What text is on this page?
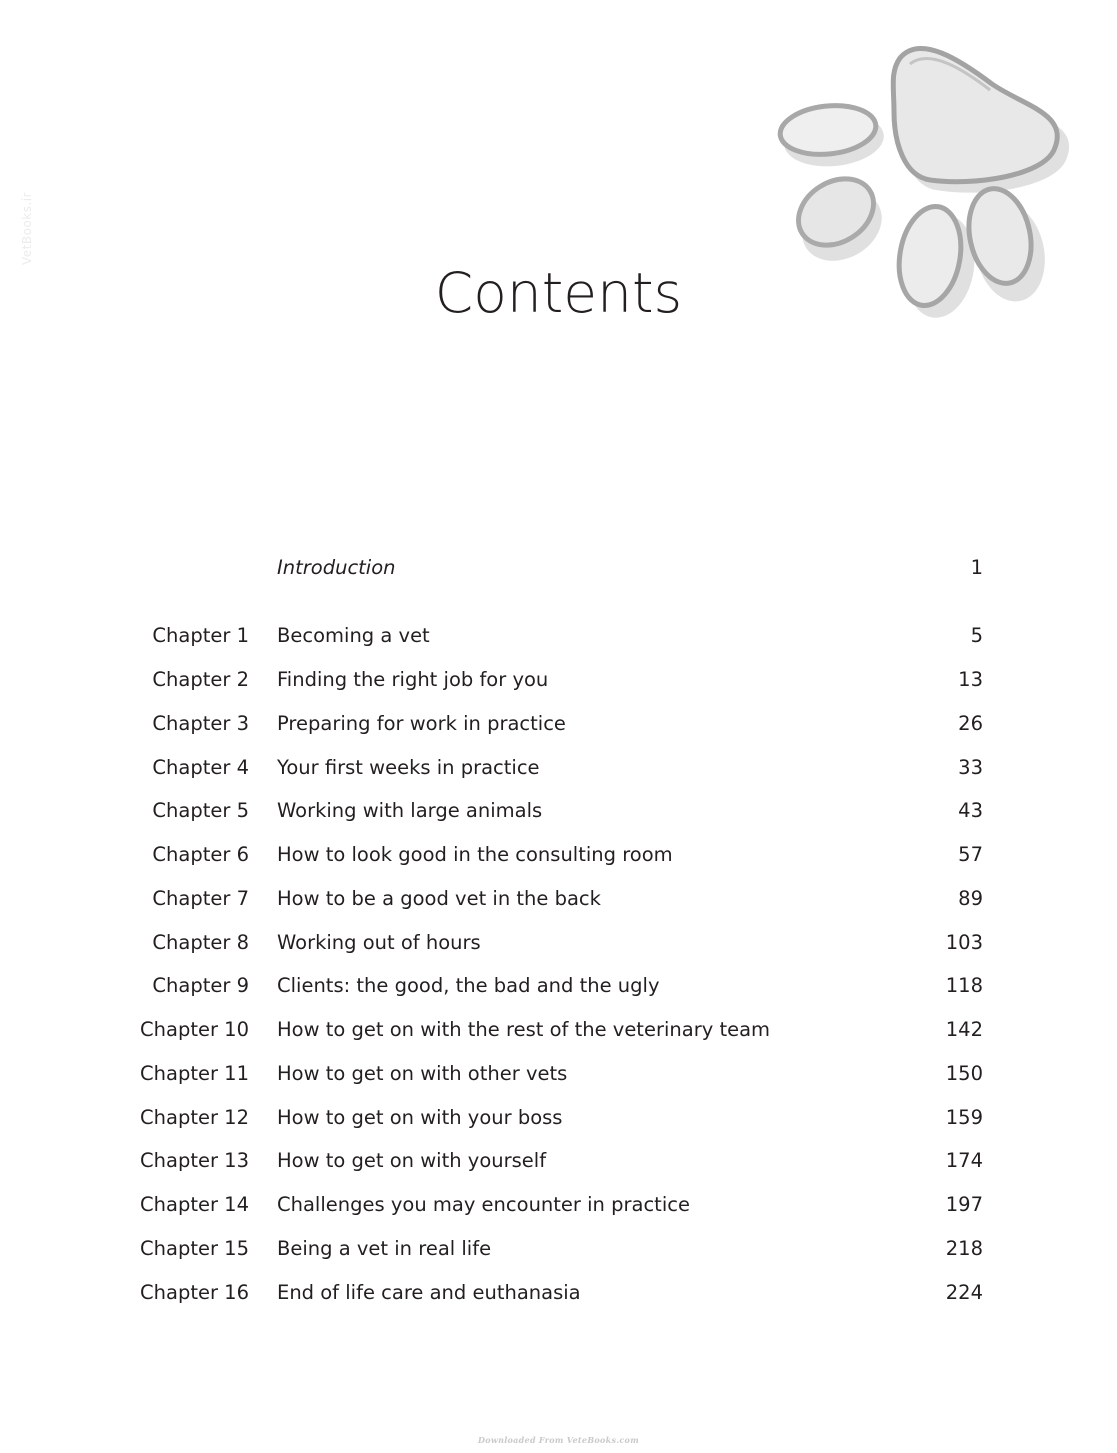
VetBooks.ir
Contents
Introduction	1
Chapter 1 Becoming a vet	5
Chapter 2 Finding the right job for you	13
Chapter 3 Preparing for work in practice	26
Chapter 4 Your first weeks in practice	33
Chapter 5 Working with large animals	43
Chapter 6 How to look good in the consulting room	57
Chapter 7 How to be a good vet in the back	89
Chapter 8 Working out of hours	103
Chapter 9 Clients: the good, the bad and the ugly	118
Chapter 10 How to get on with the rest of the veterinary team	142
Chapter 11 How to get on with other vets	150
Chapter 12 How to get on with your boss	159
Chapter 13 How to get on with yourself	174
Chapter 14 Challenges you may encounter in practice	197
Chapter 15 Being a vet in real life	218
Chapter 16 End of life care and euthanasia	224
Downloaded From VeteBooks.com
